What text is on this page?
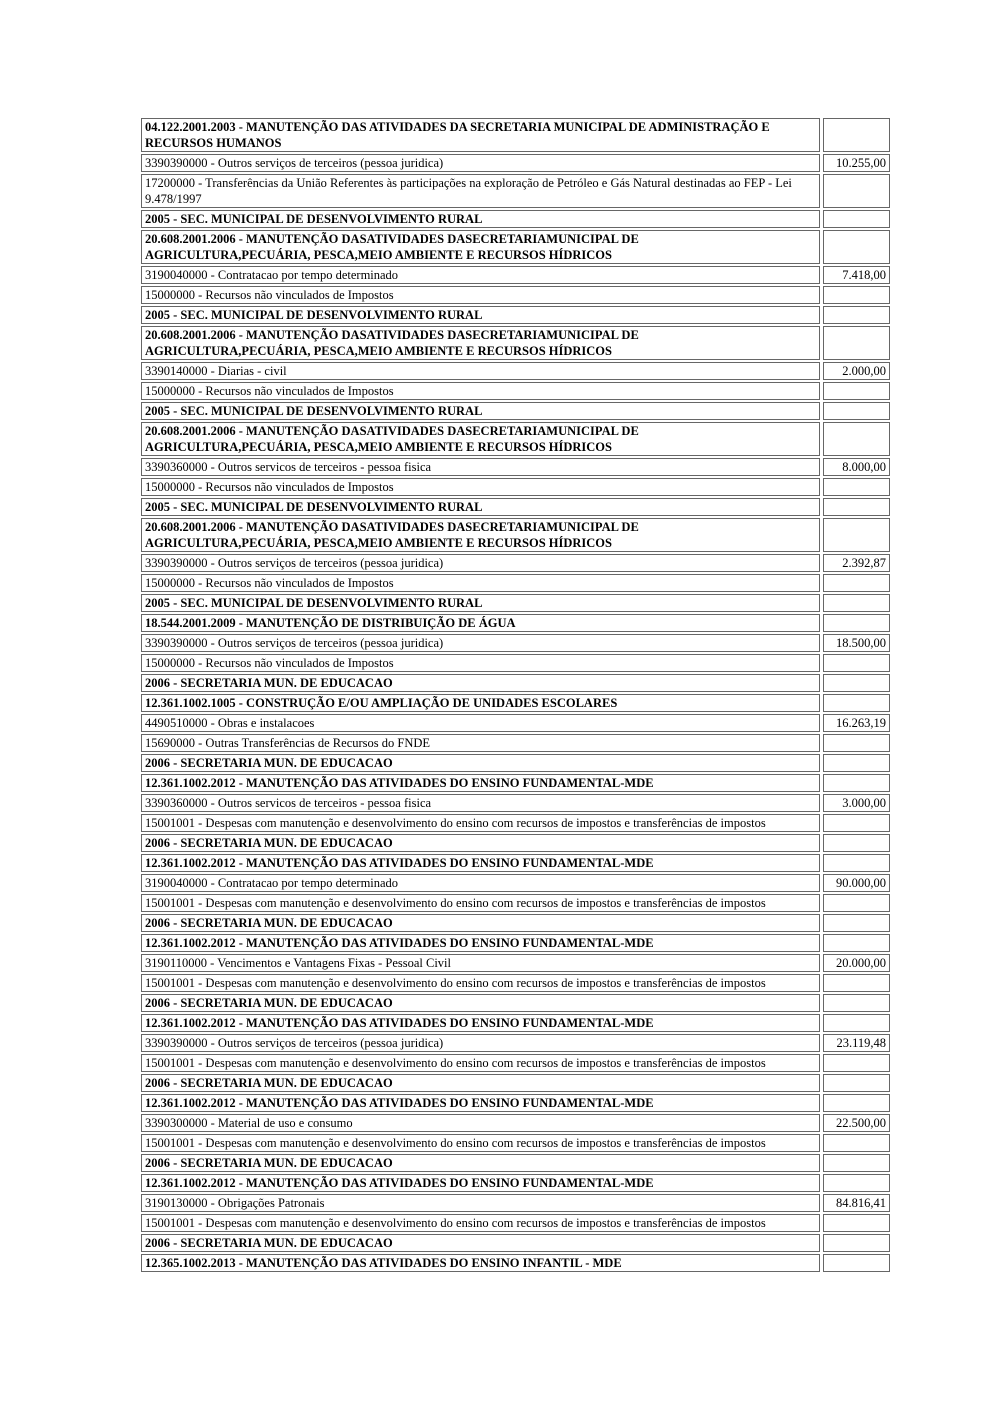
04.122.2001.2003 - MANUTENÇÃO DAS ATIVIDADES DA SECRETARIA MUNICIPAL DE ADMINISTRAÇÃO E
RECURSOS HUMANOS	

3390390000 - Outros serviços de terceiros (pessoa juridica)	10.255,00

17200000 - Transferências da União Referentes às participações na exploração de Petróleo e Gás Natural destinadas ao FEP - Lei
9.478/1997	

2005 - SEC. MUNICIPAL DE DESENVOLVIMENTO RURAL	

20.608.2001.2006 - MANUTENÇÃO DASATIVIDADES DASECRETARIAMUNICIPAL DE
AGRICULTURA,PECUÁRIA, PESCA,MEIO AMBIENTE E RECURSOS HÍDRICOS	

3190040000 - Contratacao por tempo determinado	7.418,00

15000000 - Recursos não vinculados de Impostos	

2005 - SEC. MUNICIPAL DE DESENVOLVIMENTO RURAL	

20.608.2001.2006 - MANUTENÇÃO DASATIVIDADES DASECRETARIAMUNICIPAL DE
AGRICULTURA,PECUÁRIA, PESCA,MEIO AMBIENTE E RECURSOS HÍDRICOS	

3390140000 - Diarias - civil	2.000,00

15000000 - Recursos não vinculados de Impostos	

2005 - SEC. MUNICIPAL DE DESENVOLVIMENTO RURAL	

20.608.2001.2006 - MANUTENÇÃO DASATIVIDADES DASECRETARIAMUNICIPAL DE
AGRICULTURA,PECUÁRIA, PESCA,MEIO AMBIENTE E RECURSOS HÍDRICOS	

3390360000 - Outros servicos de terceiros - pessoa fisica	8.000,00

15000000 - Recursos não vinculados de Impostos	

2005 - SEC. MUNICIPAL DE DESENVOLVIMENTO RURAL	

20.608.2001.2006 - MANUTENÇÃO DASATIVIDADES DASECRETARIAMUNICIPAL DE
AGRICULTURA,PECUÁRIA, PESCA,MEIO AMBIENTE E RECURSOS HÍDRICOS	

3390390000 - Outros serviços de terceiros (pessoa juridica)	2.392,87

15000000 - Recursos não vinculados de Impostos	

2005 - SEC. MUNICIPAL DE DESENVOLVIMENTO RURAL	

18.544.2001.2009 - MANUTENÇÃO DE DISTRIBUIÇÃO DE ÁGUA	

3390390000 - Outros serviços de terceiros (pessoa juridica)	18.500,00

15000000 - Recursos não vinculados de Impostos	

2006 - SECRETARIA MUN. DE EDUCACAO	

12.361.1002.1005 - CONSTRUÇÃO E/OU AMPLIAÇÃO DE UNIDADES ESCOLARES	

4490510000 - Obras e instalacoes	16.263,19

15690000 - Outras Transferências de Recursos do FNDE	

2006 - SECRETARIA MUN. DE EDUCACAO	

12.361.1002.2012 - MANUTENÇÃO DAS ATIVIDADES DO ENSINO FUNDAMENTAL-MDE	

3390360000 - Outros servicos de terceiros - pessoa fisica	3.000,00

15001001 - Despesas com manutenção e desenvolvimento do ensino com recursos de impostos e transferências de impostos	

2006 - SECRETARIA MUN. DE EDUCACAO	

12.361.1002.2012 - MANUTENÇÃO DAS ATIVIDADES DO ENSINO FUNDAMENTAL-MDE	

3190040000 - Contratacao por tempo determinado	90.000,00

15001001 - Despesas com manutenção e desenvolvimento do ensino com recursos de impostos e transferências de impostos	

2006 - SECRETARIA MUN. DE EDUCACAO	

12.361.1002.2012 - MANUTENÇÃO DAS ATIVIDADES DO ENSINO FUNDAMENTAL-MDE	

3190110000 - Vencimentos e Vantagens Fixas - Pessoal Civil	20.000,00

15001001 - Despesas com manutenção e desenvolvimento do ensino com recursos de impostos e transferências de impostos	

2006 - SECRETARIA MUN. DE EDUCACAO	

12.361.1002.2012 - MANUTENÇÃO DAS ATIVIDADES DO ENSINO FUNDAMENTAL-MDE	

3390390000 - Outros serviços de terceiros (pessoa juridica)	23.119,48

15001001 - Despesas com manutenção e desenvolvimento do ensino com recursos de impostos e transferências de impostos	

2006 - SECRETARIA MUN. DE EDUCACAO	

12.361.1002.2012 - MANUTENÇÃO DAS ATIVIDADES DO ENSINO FUNDAMENTAL-MDE	

3390300000 - Material de uso e consumo	22.500,00

15001001 - Despesas com manutenção e desenvolvimento do ensino com recursos de impostos e transferências de impostos	

2006 - SECRETARIA MUN. DE EDUCACAO	

12.361.1002.2012 - MANUTENÇÃO DAS ATIVIDADES DO ENSINO FUNDAMENTAL-MDE	

3190130000 - Obrigações Patronais	84.816,41

15001001 - Despesas com manutenção e desenvolvimento do ensino com recursos de impostos e transferências de impostos	

2006 - SECRETARIA MUN. DE EDUCACAO	

12.365.1002.2013 - MANUTENÇÃO DAS ATIVIDADES DO ENSINO INFANTIL - MDE	
